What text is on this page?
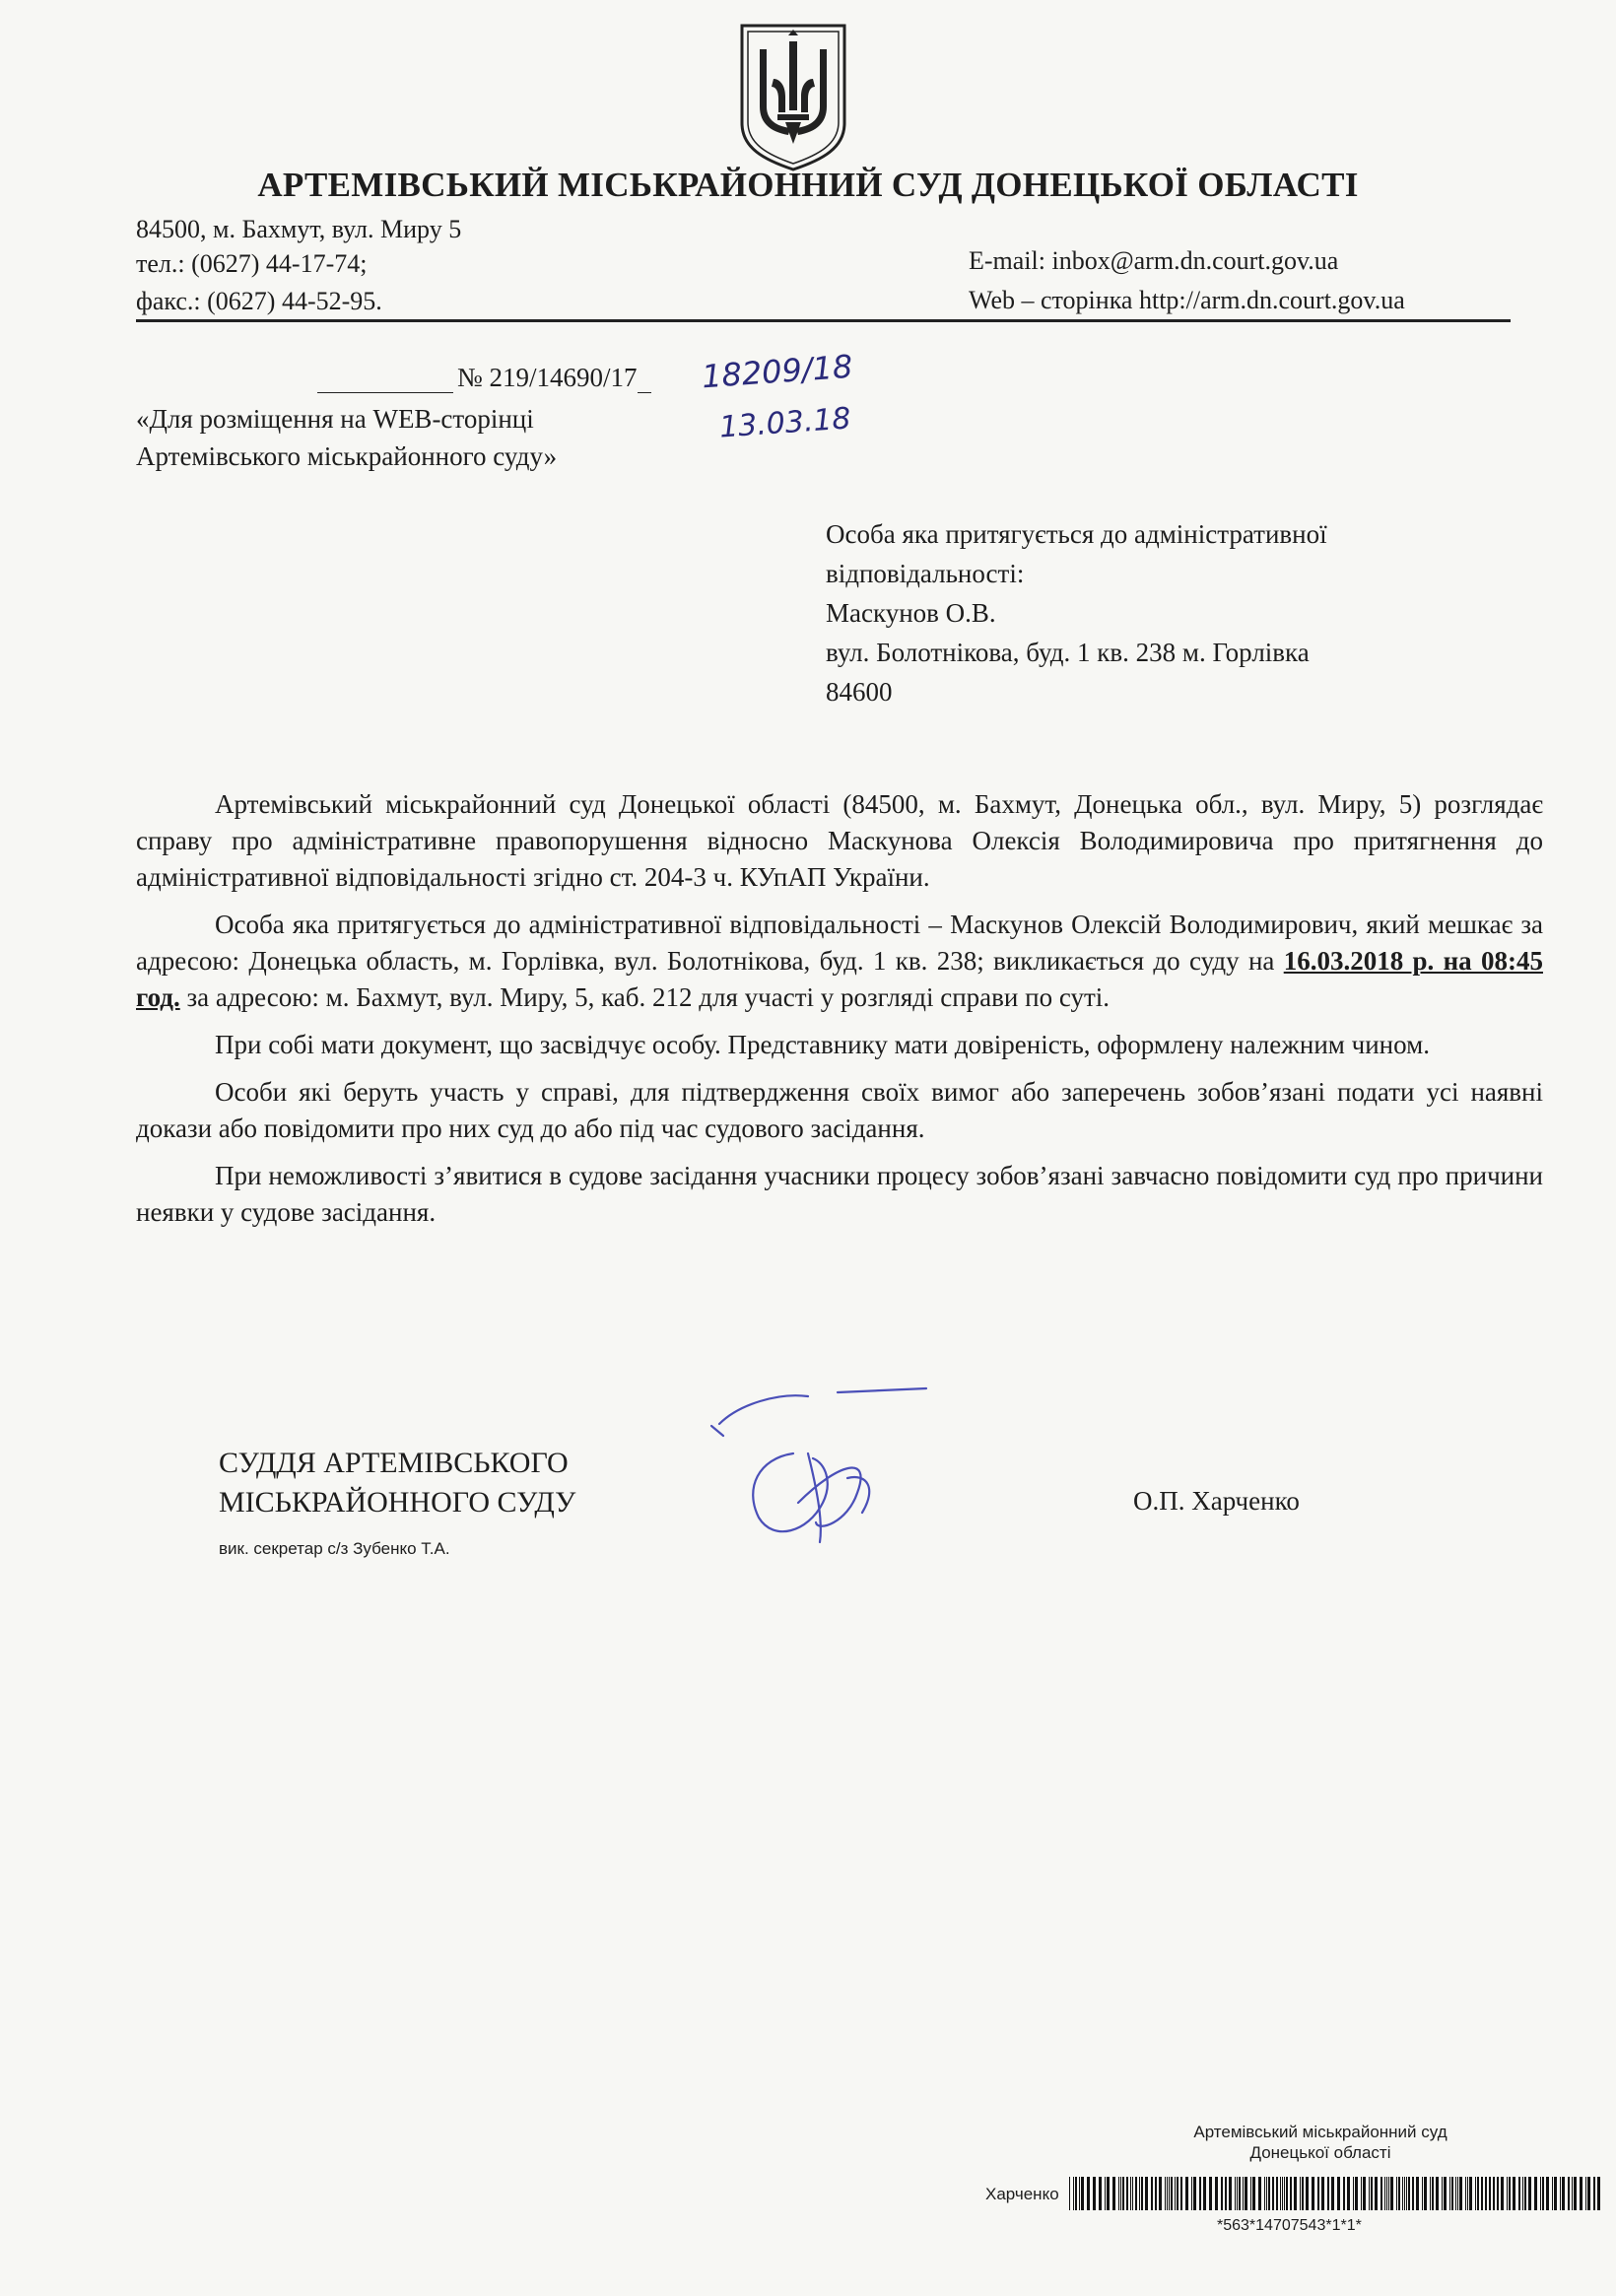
АРТЕМІВСЬКИЙ МІСЬКРАЙОННИЙ СУД ДОНЕЦЬКОЇ ОБЛАСТІ
84500, м. Бахмут, вул. Миру 5
тел.: (0627) 44-17-74;
факс.: (0627) 44-52-95.
E-mail: inbox@arm.dn.court.gov.ua
Web – сторінка http://arm.dn.court.gov.ua
№ 219/14690/17	18209/18
13.03.18
«Для розміщення на WEB-сторінці
Артемівського міськрайонного суду»
Особа яка притягується до адміністративної
відповідальності:
Маскунов О.В.
вул. Болотнікова, буд. 1 кв. 238 м. Горлівка
84600

Артемівський міськрайонний суд Донецької області (84500, м. Бахмут, Донецька обл., вул. Миру, 5) розглядає справу про адміністративне правопорушення відносно Маскунова Олексія Володимировича про притягнення до адміністративної відповідальності згідно ст. 204-3 ч. КУпАП України.

Особа яка притягується до адміністративної відповідальності – Маскунов Олексій Володимирович, який мешкає за адресою: Донецька область, м. Горлівка, вул. Болотнікова, буд. 1 кв. 238; викликається до суду на 16.03.2018 р. на 08:45 год. за адресою: м. Бахмут, вул. Миру, 5, каб. 212 для участі у розгляді справи по суті.

При собі мати документ, що засвідчує особу. Представнику мати довіреність, оформлену належним чином.

Особи які беруть участь у справі, для підтвердження своїх вимог або заперечень зобов’язані подати усі наявні докази або повідомити про них суд до або під час судового засідання.

При неможливості з’явитися в судове засідання учасники процесу зобов’язані завчасно повідомити суд про причини неявки у судове засідання.

СУДДЯ АРТЕМІВСЬКОГО
МІСЬКРАЙОННОГО СУДУ
вик. секретар с/з Зубенко Т.А.
О.П. Харченко
Артемівський міськрайонний суд
Донецької області
Харченко
*563*14707543*1*1*
